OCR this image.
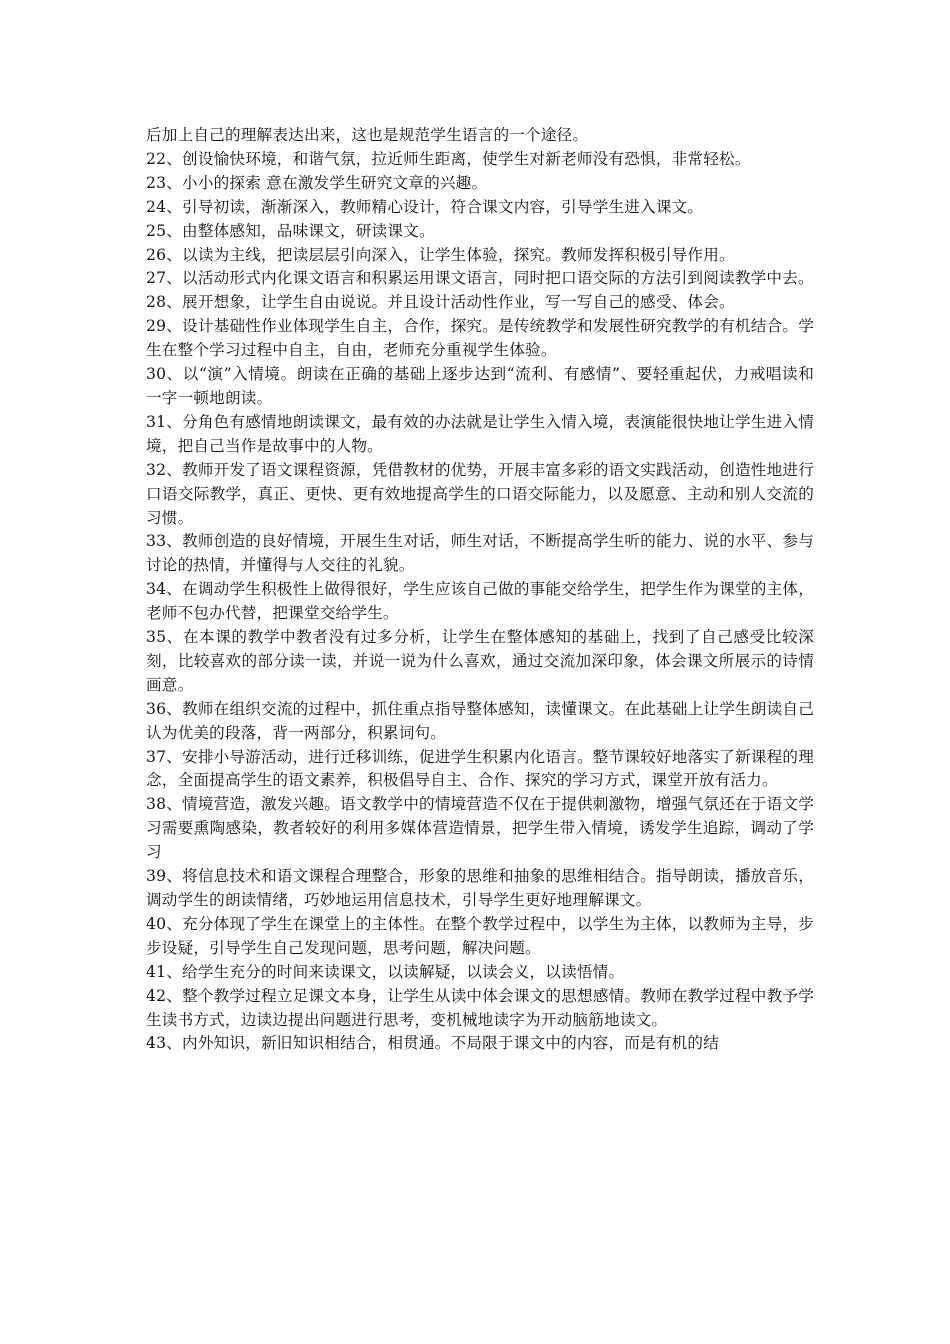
后加上自己的理解表达出来，这也是规范学生语言的一个途径。

22、创设愉快环境，和谐气氛，拉近师生距离，使学生对新老师没有恐惧，非常轻松。

23、小小的探索 意在激发学生研究文章的兴趣。

24、引导初读，渐渐深入，教师精心设计，符合课文内容，引导学生进入课文。

25、由整体感知，品味课文，研读课文。

26、以读为主线，把读层层引向深入，让学生体验，探究。教师发挥积极引导作用。

27、以活动形式内化课文语言和积累运用课文语言，同时把口语交际的方法引到阅读教学中去。

28、展开想象，让学生自由说说。并且设计活动性作业，写一写自己的感受、体会。

29、设计基础性作业体现学生自主，合作，探究。是传统教学和发展性研究教学的有机结合。学生在整个学习过程中自主，自由，老师充分重视学生体验。

30、以“演”入情境。朗读在正确的基础上逐步达到“流利、有感情”、要轻重起伏，力戒唱读和一字一顿地朗读。

31、分角色有感情地朗读课文，最有效的办法就是让学生入情入境，表演能很快地让学生进入情境，把自己当作是故事中的人物。

32、教师开发了语文课程资源，凭借教材的优势，开展丰富多彩的语文实践活动，创造性地进行口语交际教学，真正、更快、更有效地提高学生的口语交际能力，以及愿意、主动和别人交流的习惯。

33、教师创造的良好情境，开展生生对话，师生对话，不断提高学生听的能力、说的水平、参与讨论的热情，并懂得与人交往的礼貌。

34、在调动学生积极性上做得很好，学生应该自己做的事能交给学生，把学生作为课堂的主体，老师不包办代替，把课堂交给学生。

35、在本课的教学中教者没有过多分析，让学生在整体感知的基础上，找到了自己感受比较深刻，比较喜欢的部分读一读，并说一说为什么喜欢，通过交流加深印象，体会课文所展示的诗情画意。

36、教师在组织交流的过程中，抓住重点指导整体感知，读懂课文。在此基础上让学生朗读自己认为优美的段落，背一两部分，积累词句。

37、安排小导游活动，进行迁移训练，促进学生积累内化语言。整节课较好地落实了新课程的理念，全面提高学生的语文素养，积极倡导自主、合作、探究的学习方式，课堂开放有活力。

38、情境营造，激发兴趣。语文教学中的情境营造不仅在于提供刺激物，增强气氛还在于语文学习需要熏陶感染，教者较好的利用多媒体营造情景，把学生带入情境，诱发学生追踪，调动了学习

39、将信息技术和语文课程合理整合，形象的思维和抽象的思维相结合。指导朗读，播放音乐，调动学生的朗读情绪，巧妙地运用信息技术，引导学生更好地理解课文。

40、充分体现了学生在课堂上的主体性。在整个教学过程中，以学生为主体，以教师为主导，步步设疑，引导学生自己发现问题，思考问题，解决问题。

41、给学生充分的时间来读课文，以读解疑，以读会义，以读悟情。

42、整个教学过程立足课文本身，让学生从读中体会课文的思想感情。教师在教学过程中教予学生读书方式，边读边提出问题进行思考，变机械地读字为开动脑筋地读文。

43、内外知识，新旧知识相结合，相贯通。不局限于课文中的内容，而是有机的结
